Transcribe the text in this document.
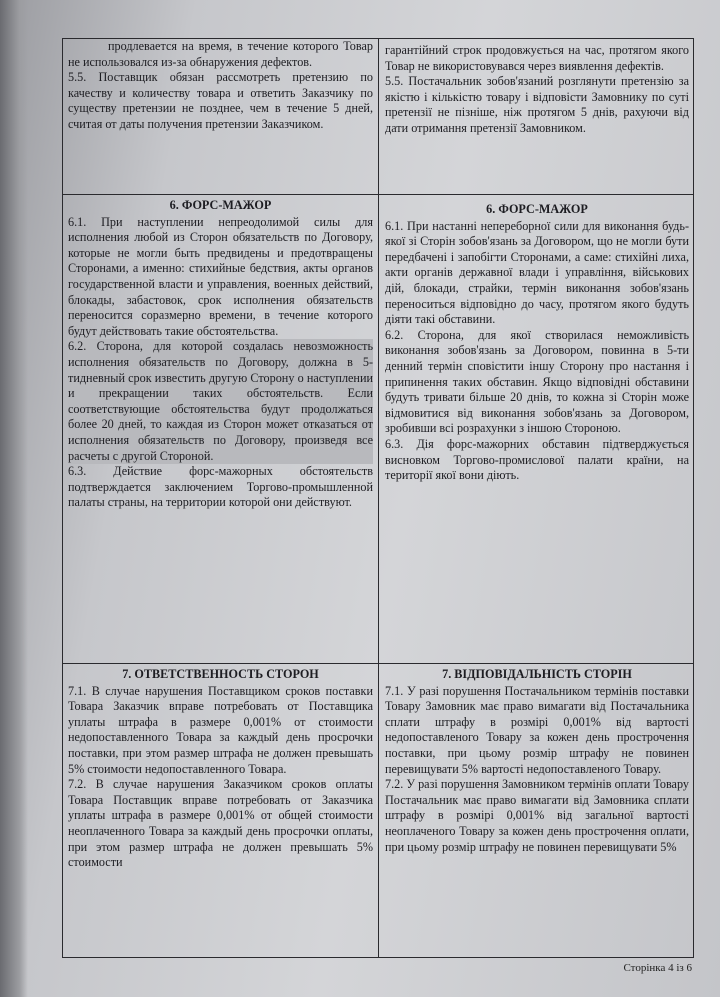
продлевается на время, в течение которого Товар не использовался из-за обнаружения дефектов.

5.5. Поставщик обязан рассмотреть претензию по качеству и количеству товара и ответить Заказчику по существу претензии не позднее, чем в течение 5 дней, считая от даты получения претензии Заказчиком.

гарантійний строк продовжується на час, протягом якого Товар не використовувався через виявлення дефектів.

5.5. Постачальник зобов'язаний розглянути претензію за якістю і кількістю товару і відповісти Замовнику по суті претензії не пізніше, ніж протягом 5 днів, рахуючи від дати отримання претензії Замовником.

6. ФОРС-МАЖОР

6.1. При наступлении непреодолимой силы для исполнения любой из Сторон обязательств по Договору, которые не могли быть предвидены и предотвращены Сторонами, а именно: стихийные бедствия, акты органов государственной власти и управления, военных действий, блокады, забастовок, срок исполнения обязательств переносится соразмерно времени, в течение которого будут действовать такие обстоятельства.

6.2. Сторона, для которой создалась невозможность исполнения обязательств по Договору, должна в 5-тидневный срок известить другую Сторону о наступлении и прекращении таких обстоятельств. Если соответствующие обстоятельства будут продолжаться более 20 дней, то каждая из Сторон может отказаться от исполнения обязательств по Договору, произведя все расчеты с другой Стороной.

6.3. Действие форс-мажорных обстоятельств подтверждается заключением Торгово-промышленной палаты страны, на территории которой они действуют.

6. ФОРС-МАЖОР

6.1. При настанні непереборної сили для виконання будь-якої зі Сторін зобов'язань за Договором, що не могли бути передбачені і запобігти Сторонами, а саме: стихійні лиха, акти органів державної влади і управління, військових дій, блокади, страйки, термін виконання зобов'язань переноситься відповідно до часу, протягом якого будуть діяти такі обставини.

6.2. Сторона, для якої створилася неможливість виконання зобов'язань за Договором, повинна в 5-ти денний термін сповістити іншу Сторону про настання і припинення таких обставин. Якщо відповідні обставини будуть тривати більше 20 днів, то кожна зі Сторін може відмовитися від виконання зобов'язань за Договором, зробивши всі розрахунки з іншою Стороною.

6.3. Дія форс-мажорних обставин підтверджується висновком Торгово-промислової палати країни, на території якої вони діють.

7. ОТВЕТСТВЕННОСТЬ СТОРОН

7.1. В случае нарушения Поставщиком сроков поставки Товара Заказчик вправе потребовать от Поставщика уплаты штрафа в размере 0,001% от стоимости недопоставленного Товара за каждый день просрочки поставки, при этом размер штрафа не должен превышать 5% стоимости недопоставленного Товара.

7.2. В случае нарушения Заказчиком сроков оплаты Товара Поставщик вправе потребовать от Заказчика уплаты штрафа в размере 0,001% от общей стоимости неоплаченного Товара за каждый день просрочки оплаты, при этом размер штрафа не должен превышать 5% стоимости

7. ВІДПОВІДАЛЬНІСТЬ СТОРІН

7.1. У разі порушення Постачальником термінів поставки Товару Замовник має право вимагати від Постачальника сплати штрафу в розмірі 0,001% від вартості недопоставленого Товару за кожен день прострочення поставки, при цьому розмір штрафу не повинен перевищувати 5% вартості недопоставленого Товару.

7.2. У разі порушення Замовником термінів оплати Товару Постачальник має право вимагати від Замовника сплати штрафу в розмірі 0,001% від загальної вартості неоплаченого Товару за кожен день прострочення оплати, при цьому розмір штрафу не повинен перевищувати 5%

Сторінка 4 із 6
